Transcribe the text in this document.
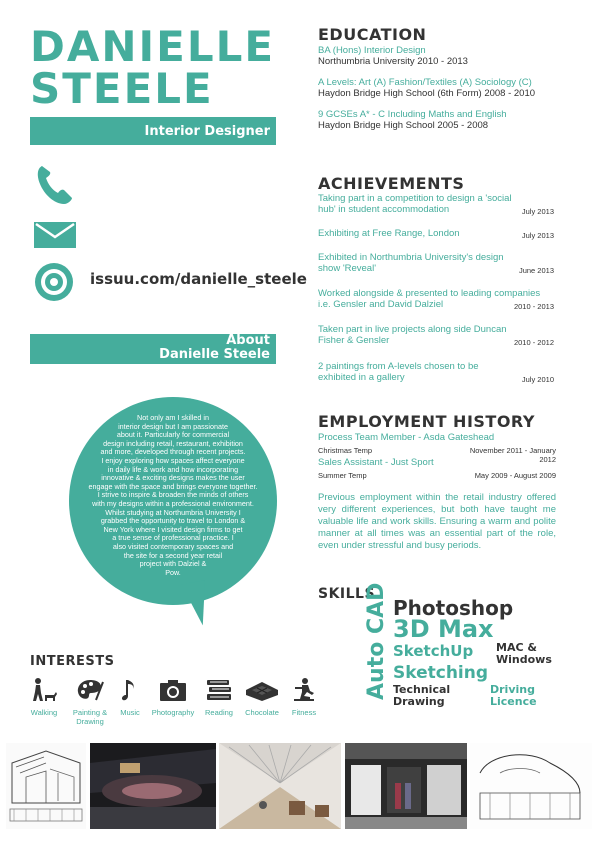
DANIELLE
STEELE
Interior Designer
issuu.com/danielle_steele
About
Danielle Steele
Not only am I skilled in
interior design but I am passionate
about it. Particularly for commercial
design including retail, restaurant, exhibition
and more, developed through recent projects.
I enjoy exploring how spaces affect everyone
in daily life & work and how incorporating
innovative & exciting designs makes the user
engage with the space and brings everyone together.
I strive to inspire & broaden the minds of others
with my designs within a professional environment.
Whilst studying at Northumbria University I
grabbed the opportunity to travel to London &
New York where I visited design firms to get
a true sense of professional practice. I
also visited contemporary spaces and
the site for a second year retail
project with Dalziel &
Pow.
EDUCATION

BA (Hons) Interior Design

Northumbria University 2010 - 2013

A Levels: Art (A) Fashion/Textiles (A) Sociology (C)

Haydon Bridge High School (6th Form) 2008 - 2010

9 GCSEs A* - C Including Maths and English

Haydon Bridge High School 2005 - 2008

ACHIEVEMENTS
Taking part in a competition to design a 'social hub' in student accommodation	July 2013
Exhibiting at Free Range, London	July 2013
Exhibited in Northumbria University's design show 'Reveal'	June 2013
Worked alongside & presented to leading companies i.e. Gensler and David Dalziel	2010 - 2013
Taken part in live projects along side Duncan Fisher & Gensler	2010 - 2012
2 paintings from A-levels chosen to be exhibited in a gallery	July 2010
EMPLOYMENT HISTORY
Process Team Member - Asda Gateshead
Christmas Temp	November 2011 - January 2012
Sales Assistant - Just Sport
Summer Temp	May 2009 - August 2009
Previous employment within the retail industry offered very different experiences, but both have taught me valuable life and work skills. Ensuring a warm and polite manner at all times was an essential part of the role, even under stressful and busy periods.
SKILLS
Auto CAD Photoshop
3D Max
SketchUp MAC &
Windows
Sketching
Technical
Drawing
Driving
Licence
INTERESTS
Walking	Painting &
Drawing
Music	Photography	Reading	Chocolate	Fitness
